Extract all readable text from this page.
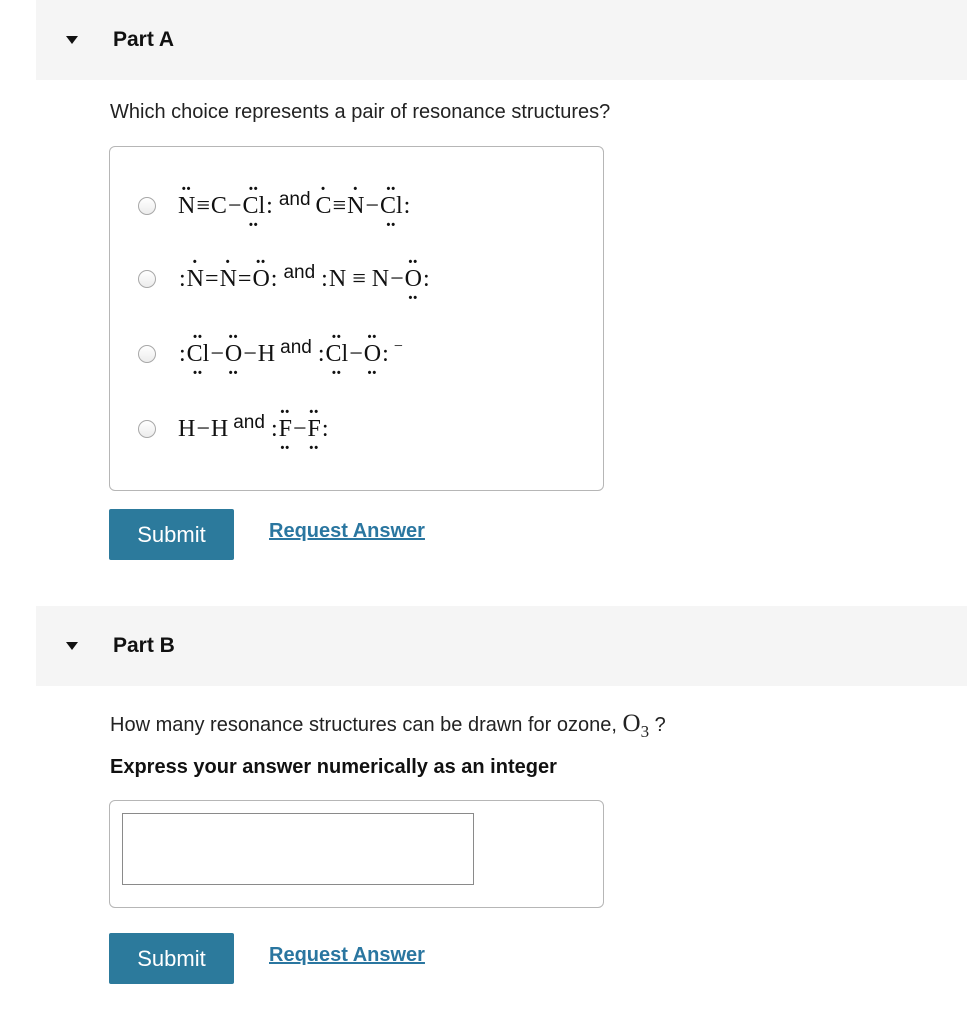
Part A
Which choice represents a pair of resonance structures?
•• N≡C−•• Cl ••: $^{and}$• C≡• N−•• Cl ••:
:• N=• N=•• O: $^{and}$ :N ≡ N−•• O ••:
:•• Cl ••−•• O ••−H $^{and}$ :•• Cl ••−•• O ••: −
H−H $^{and}$ :•• F ••−•• F ••:
Submit	Request Answer
Part B
How many resonance structures can be drawn for ozone, $O_3$ ?
Express your answer numerically as an integer
Submit	Request Answer
